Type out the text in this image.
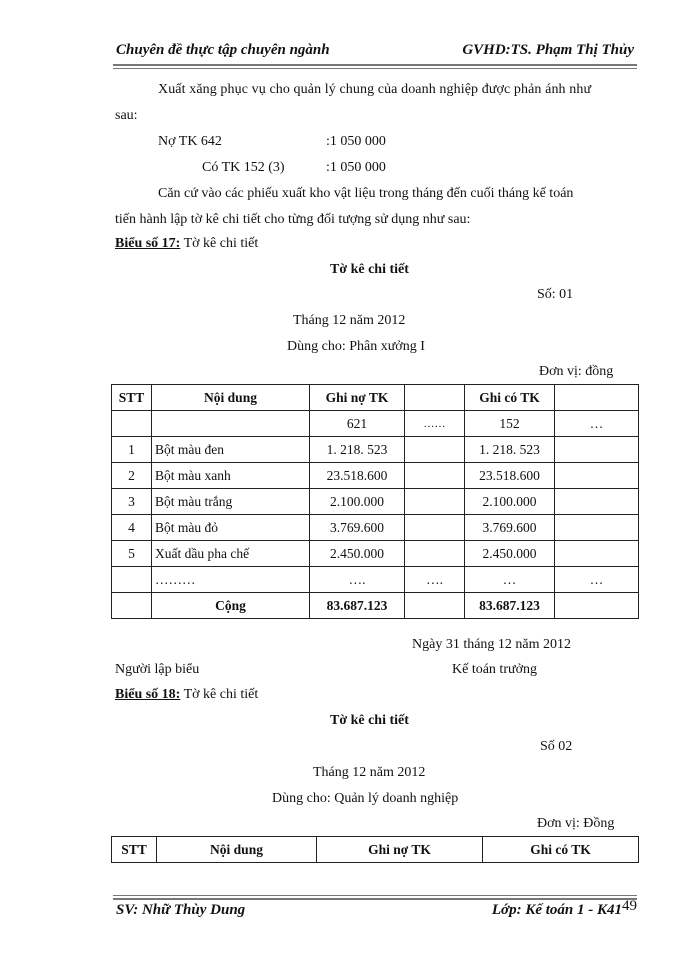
Chuyên đề thực tập chuyên ngành	GVHD:TS. Phạm Thị Thủy
Xuất xăng phục vụ cho quản lý chung của doanh nghiệp được phản ánh như
sau:
Nợ TK 642	:1 050 000
Có TK 152 (3)	:1 050 000
Căn cứ vào các phiếu xuất kho vật liệu trong tháng đến cuối tháng kế toán
tiến hành lập tờ kê chi tiết cho từng đối tượng sử dụng như sau:
Biểu số 17: Tờ kê chi tiết
Tờ kê chi tiết
Số: 01
Tháng 12 năm 2012
Dùng cho: Phân xưởng I
Đơn vị: đồng
STT	Nội dung	Ghi nợ TK		Ghi có TK	
		621	……	152	…
1	Bột màu đen	1. 218. 523		1. 218. 523	
2	Bột màu xanh	23.518.600		23.518.600	
3	Bột màu trắng	2.100.000		2.100.000	
4	Bột màu đỏ	3.769.600		3.769.600	
5	Xuất dầu pha chế	2.450.000		2.450.000	
	………	….	….	…	…
	Cộng	83.687.123		83.687.123	
Ngày 31 tháng 12 năm 2012
Người lập biểu	Kế toán trưởng
Biểu số 18: Tờ kê chi tiết
Tờ kê chi tiết
Số 02
Tháng 12 năm 2012
Dùng cho: Quản lý doanh nghiệp
Đơn vị: Đồng
STT	Nội dung	Ghi nợ TK	Ghi có TK
SV: Nhữ Thùy Dung	Lớp: Kế toán 1 - K41 49
